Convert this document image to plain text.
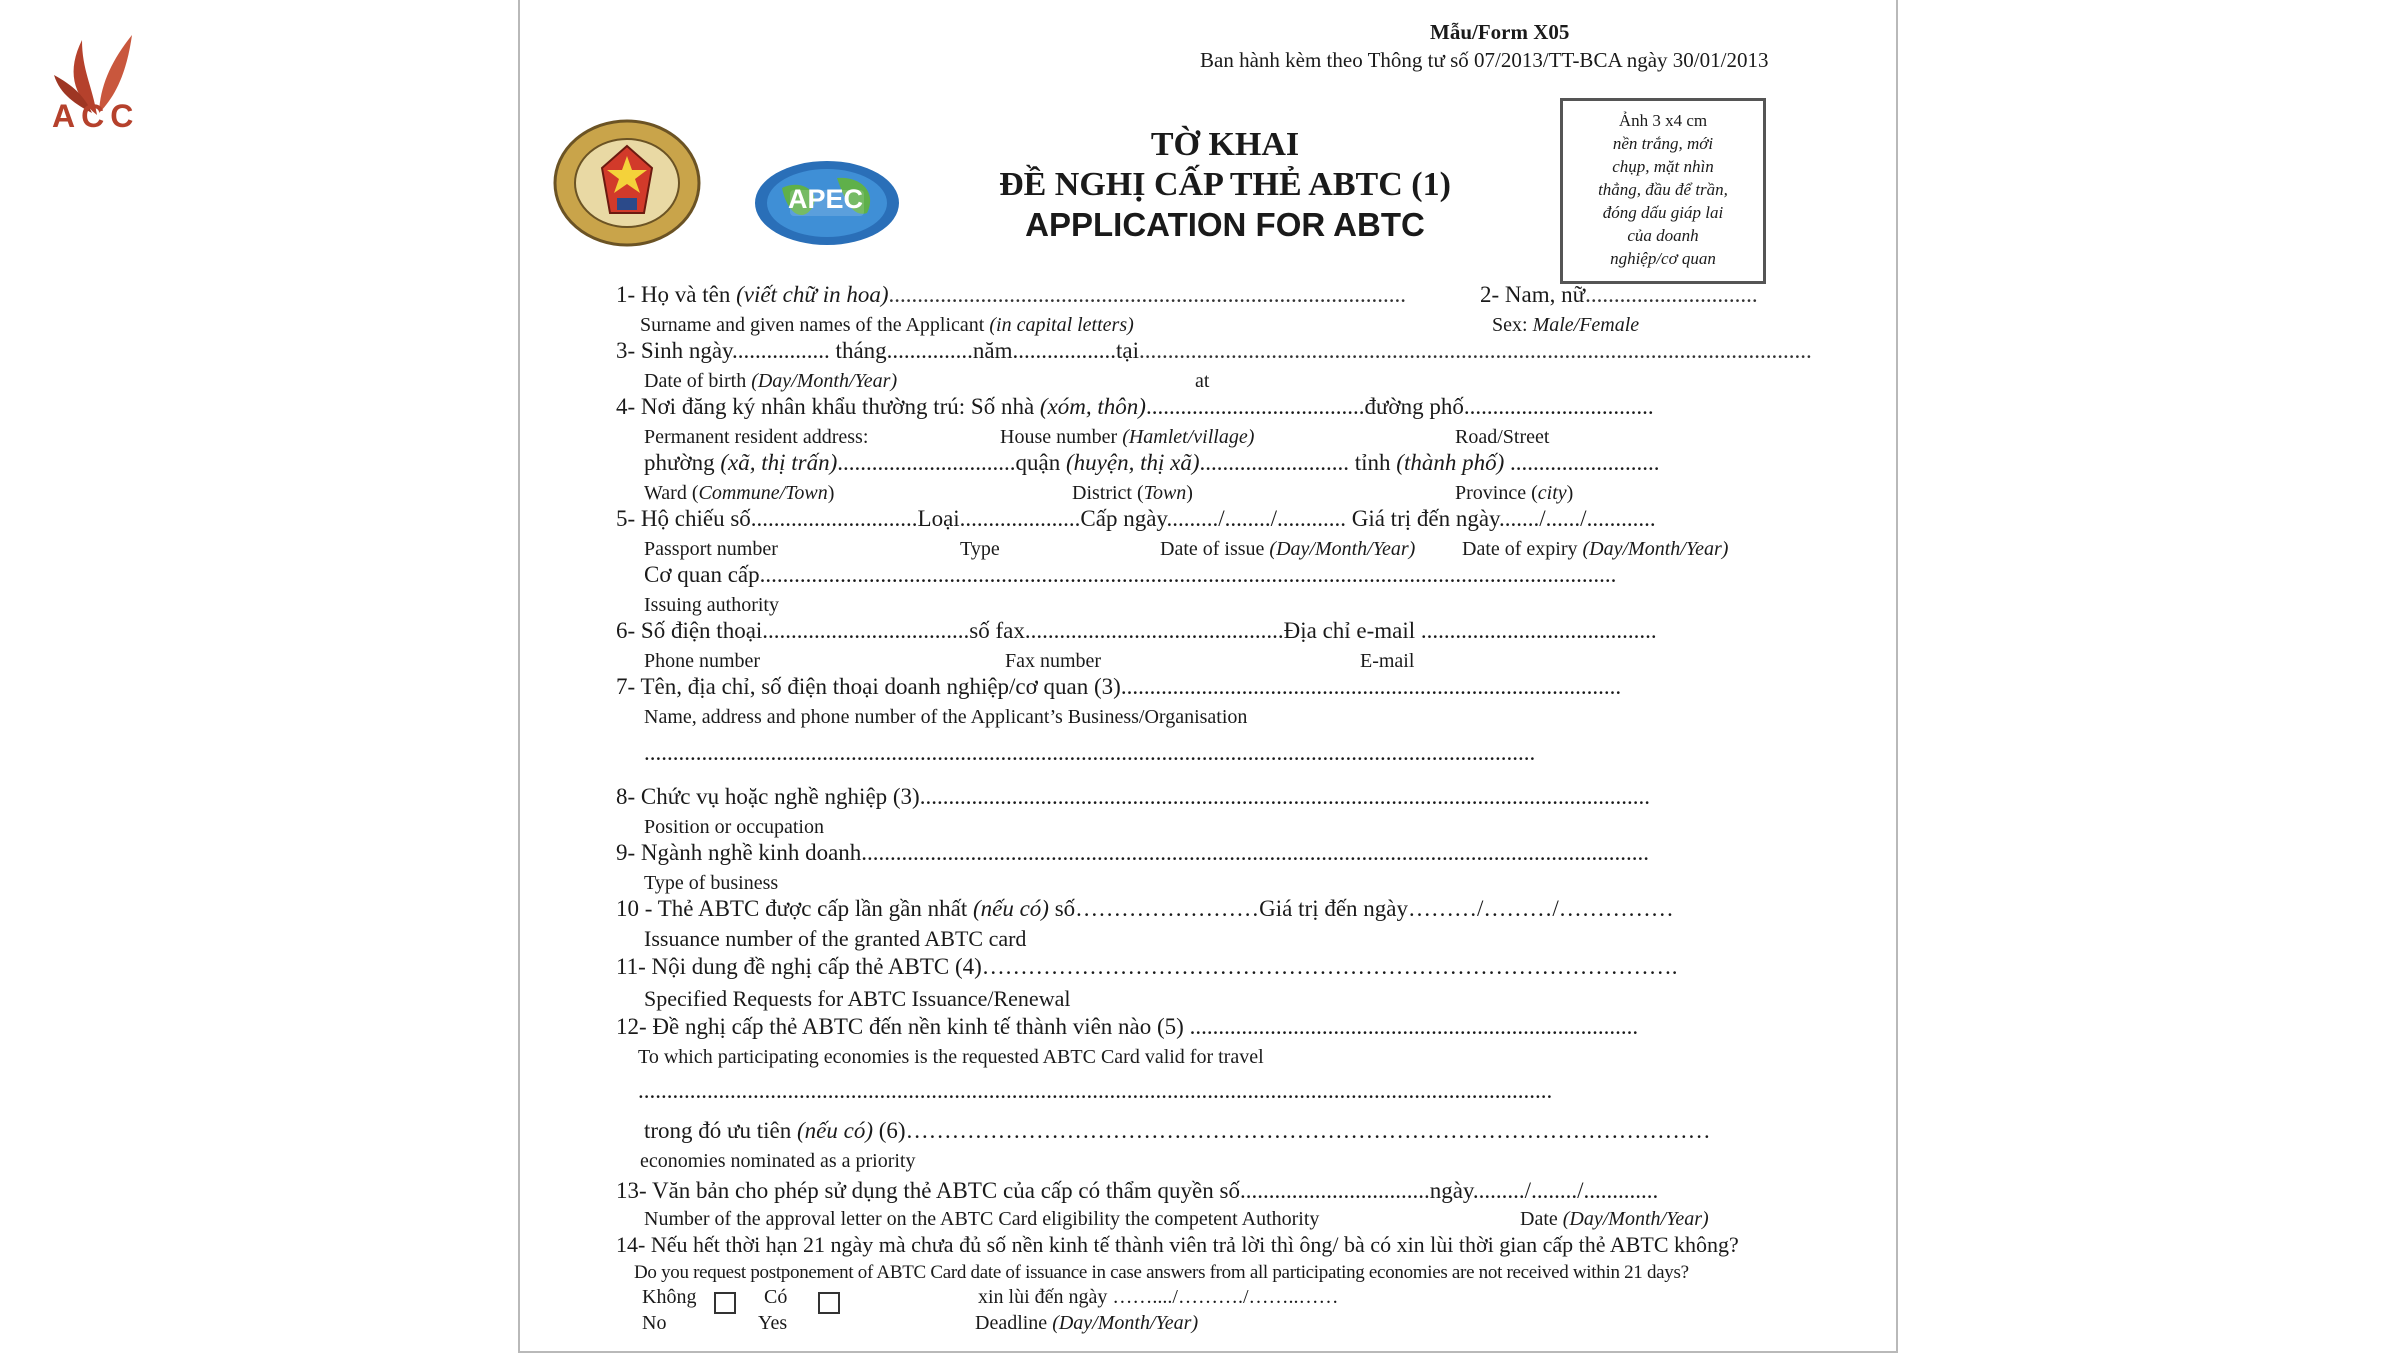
ACC
Mẫu/Form X05
Ban hành kèm theo Thông tư số 07/2013/TT-BCA ngày 30/01/2013
APEC
TỜ KHAI
ĐỀ NGHỊ CẤP THẺ ABTC (1)
APPLICATION FOR ABTC
Ảnh 3 x4 cm
nền trắng, mới
chụp, mặt nhìn
thẳng, đầu để trần,
đóng dấu giáp lai
của doanh
nghiệp/cơ quan
1- Họ và tên (viết chữ in hoa)..........................................................................................	2- Nam, nữ..............................
Surname and given names of the Applicant (in capital letters)	Sex: Male/Female
3- Sinh ngày................. tháng...............năm..................tại.....................................................................................................................
Date of birth (Day/Month/Year)	at
4- Nơi đăng ký nhân khẩu thường trú: Số nhà (xóm, thôn)......................................đường phố.................................
Permanent resident address:	House number (Hamlet/village)	Road/Street
phường (xã, thị trấn)...............................quận (huyện, thị xã).......................... tỉnh (thành phố) ..........................
Ward (Commune/Town)	District (Town)	Province (city)
5- Hộ chiếu số.............................Loại.....................Cấp ngày........./......../............ Giá trị đến ngày......./....../............
Passport number	Type	Date of issue (Day/Month/Year) Date of expiry (Day/Month/Year)
Cơ quan cấp.....................................................................................................................................................
Issuing authority
6- Số điện thoại....................................số fax.............................................Địa chỉ e-mail .........................................
Phone number	Fax number	E-mail
7- Tên, địa chỉ, số điện thoại doanh nghiệp/cơ quan (3).......................................................................................
Name, address and phone number of the Applicant’s Business/Organisation
...........................................................................................................................................................
8- Chức vụ hoặc nghề nghiệp (3)...............................................................................................................................
Position or occupation
9- Ngành nghề kinh doanh.........................................................................................................................................
Type of business
10 - Thẻ ABTC được cấp lần gần nhất (nếu có) số……………………Giá trị đến ngày………/………/……………
Issuance number of the granted ABTC card
11- Nội dung đề nghị cấp thẻ ABTC (4)……………………………………………………………………………….
Specified Requests for ABTC Issuance/Renewal
12- Đề nghị cấp thẻ ABTC đến nền kinh tế thành viên nào (5) ..............................................................................
To which participating economies is the requested ABTC Card valid for travel
...............................................................................................................................................................
trong đó ưu tiên (nếu có) (6)……………………………………………………………………………………………
economies nominated as a priority
13- Văn bản cho phép sử dụng thẻ ABTC của cấp có thẩm quyền số.................................ngày........./......../.............
Number of the approval letter on the ABTC Card eligibility the competent Authority	Date (Day/Month/Year)
14- Nếu hết thời hạn 21 ngày mà chưa đủ số nền kinh tế thành viên trả lời thì ông/ bà có xin lùi thời gian cấp thẻ ABTC không?
Do you request postponement of ABTC Card date of issuance in case answers from all participating economies are not received within 21 days?
Không
No
Có
Yes
xin lùi đến ngày ……..../………./……..……
Deadline (Day/Month/Year)
